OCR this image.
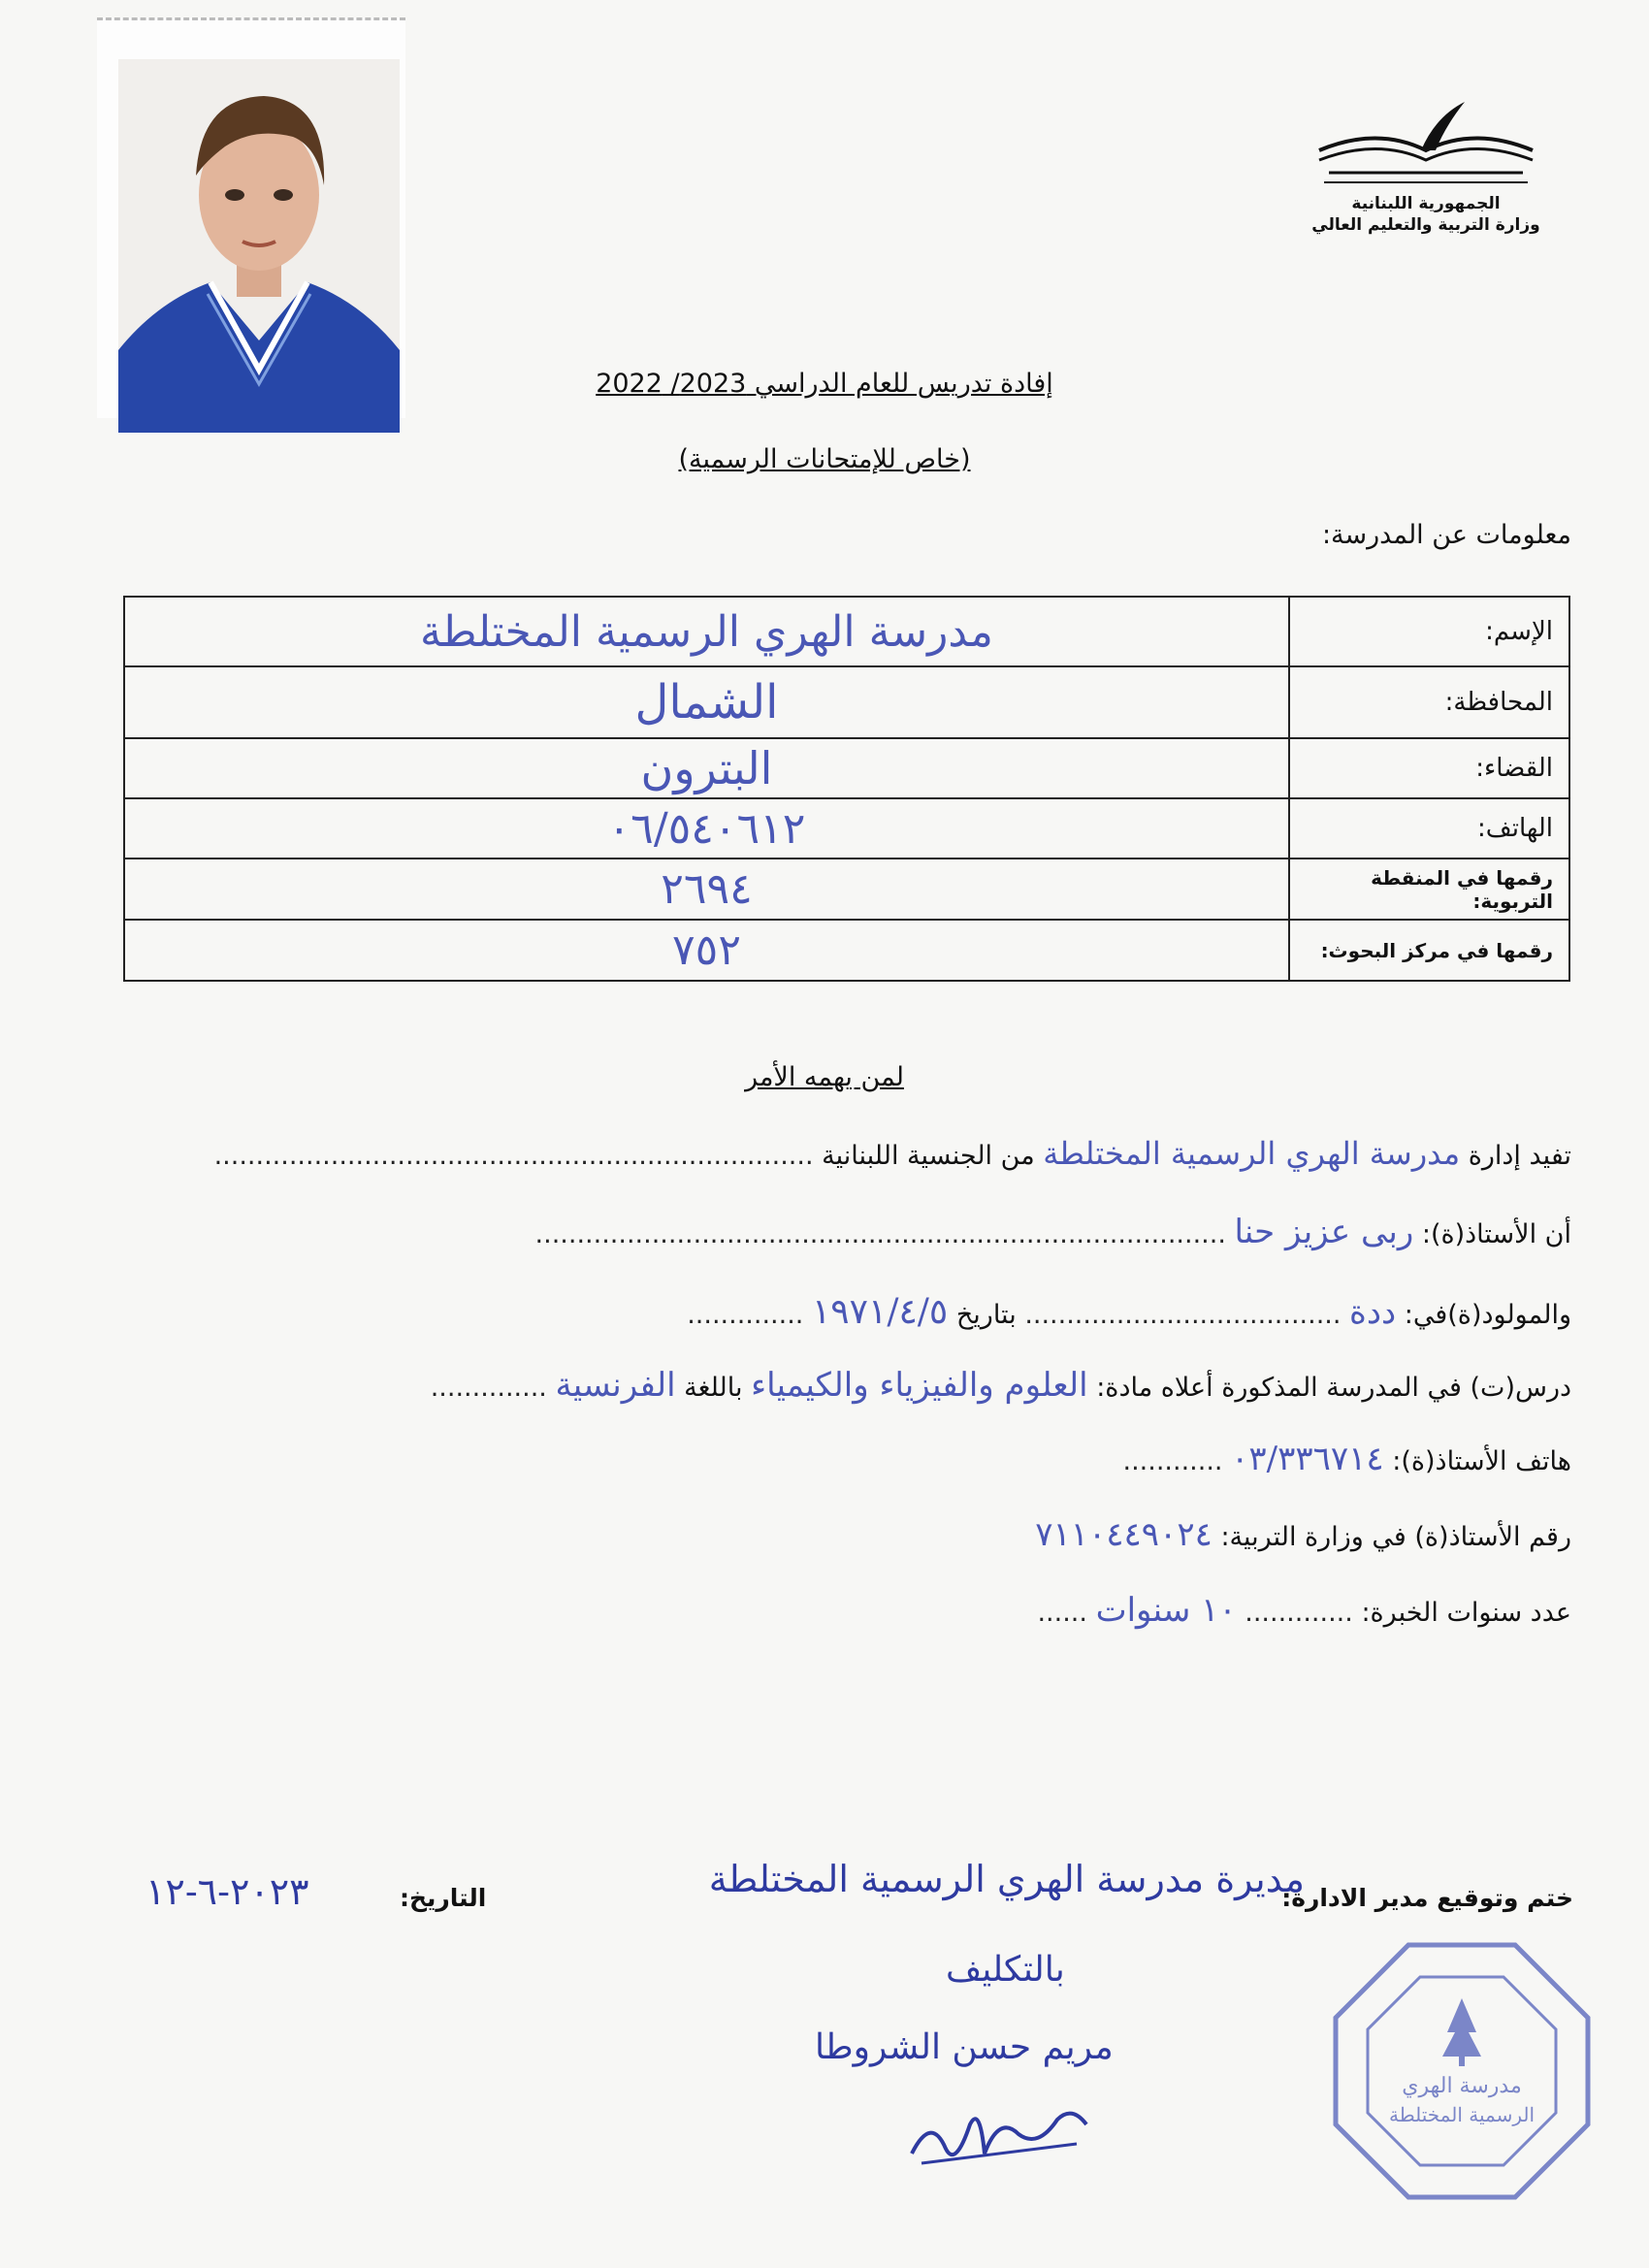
الجمهورية اللبنانية
وزارة التربية والتعليم العالي
إفادة تدريس للعام الدراسي 2023/ 2022
(خاص للإمتحانات الرسمية)
معلومات عن المدرسة:
مدرسة الهري الرسمية المختلطة	الإسم:
الشمال	المحافظة:
البترون	القضاء:
٠٦/٥٤٠٦١٢	الهاتف:
٢٦٩٤	رقمها في المنقطة التربوية:
٧٥٢	رقمها في مركز البحوث:
لمن يهمه الأمر
تفيد إدارة مدرسة الهري الرسمية المختلطة من الجنسية اللبنانية ........................................................................
أن الأستاذ(ة): ربى عزيز حنا ...................................................................................
والمولود(ة)في: ددة ...................................... بتاريخ ١٩٧١/٤/٥ ..............
درس(ت) في المدرسة المذكورة أعلاه مادة: العلوم والفيزياء والكيمياء باللغة الفرنسية ..............
هاتف الأستاذ(ة): ٠٣/٣٣٦٧١٤ ............
رقم الأستاذ(ة) في وزارة التربية: ٧١١٠٤٤٩٠٢٤
عدد سنوات الخبرة: ............. ١٠ سنوات ......
ختم وتوقيع مدير الادارة:
مديرة مدرسة الهري الرسمية المختلطة
بالتكليف
مريم حسن الشروطا
التاريخ:
٢٠٢٣-٦-١٢
مدرسة الهري
الرسمية المختلطة
